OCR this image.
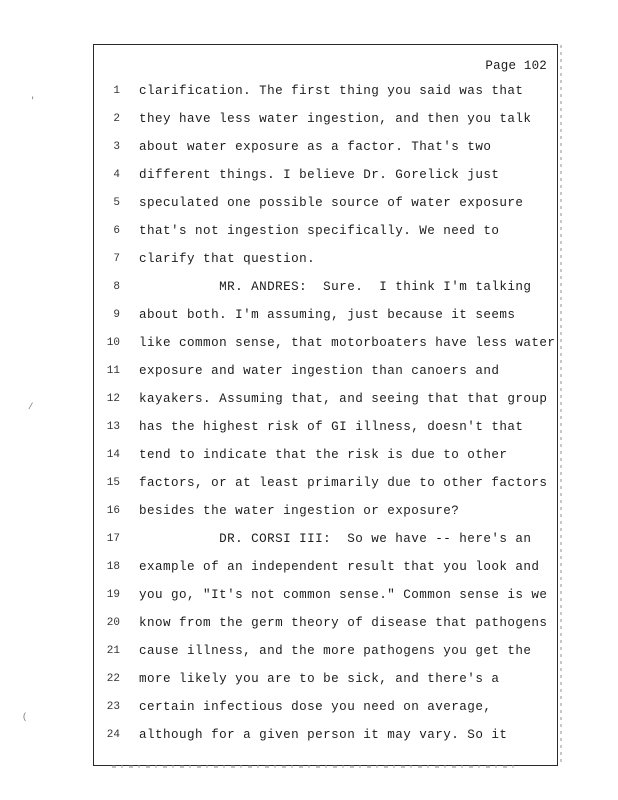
'
/
(
Page 102
1 clarification. The first thing you said was that
2 they have less water ingestion, and then you talk
3 about water exposure as a factor. That's two
4 different things. I believe Dr. Gorelick just
5 speculated one possible source of water exposure
6 that's not ingestion specifically. We need to
7 clarify that question.
8 MR. ANDRES:  Sure.  I think I'm talking
9 about both. I'm assuming, just because it seems
10 like common sense, that motorboaters have less water
11 exposure and water ingestion than canoers and
12 kayakers. Assuming that, and seeing that that group
13 has the highest risk of GI illness, doesn't that
14 tend to indicate that the risk is due to other
15 factors, or at least primarily due to other factors
16 besides the water ingestion or exposure?
17 DR. CORSI III:  So we have -- here's an
18 example of an independent result that you look and
19 you go, "It's not common sense." Common sense is we
20 know from the germ theory of disease that pathogens
21 cause illness, and the more pathogens you get the
22 more likely you are to be sick, and there's a
23 certain infectious dose you need on average,
24 although for a given person it may vary. So it
